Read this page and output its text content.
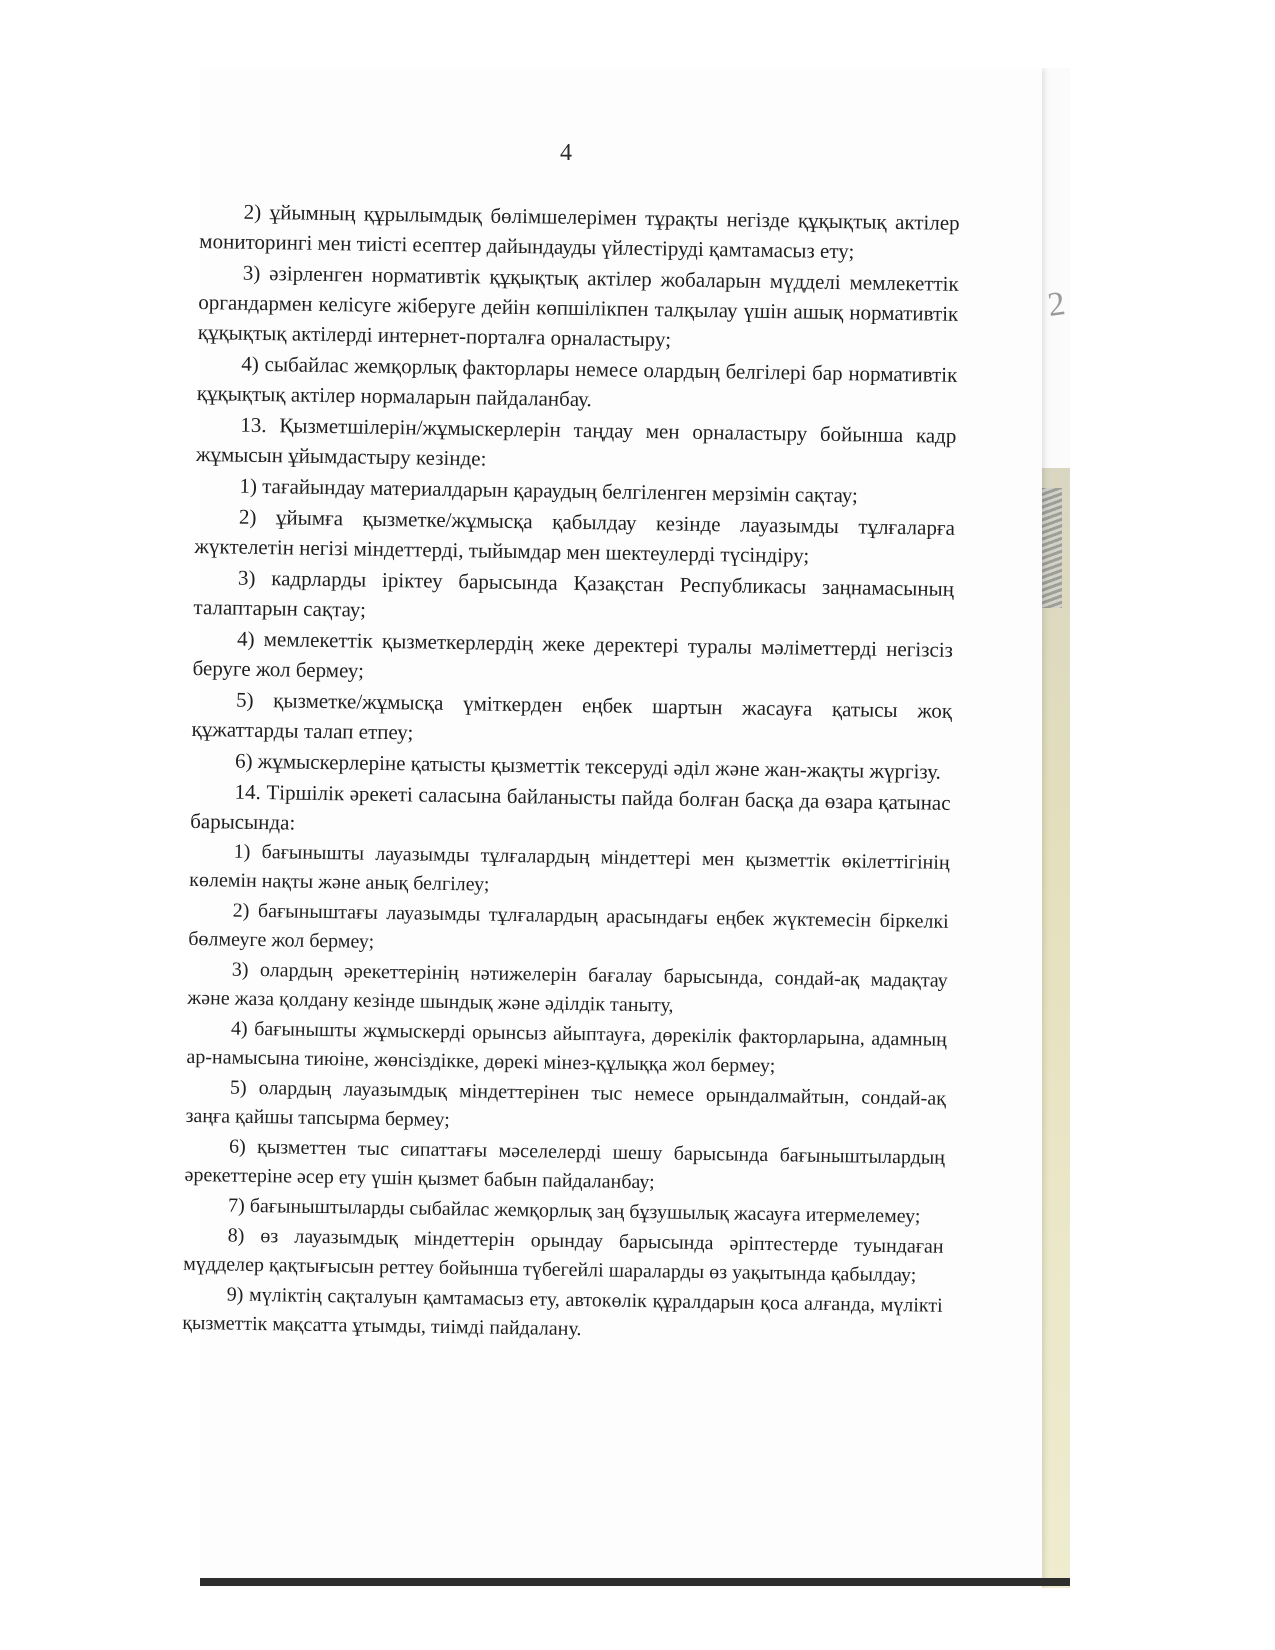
2
4

2) ұйымның құрылымдық бөлімшелерімен тұрақты негізде құқықтық актілер мониторингі мен тиісті есептер дайындауды үйлестіруді қамтамасыз ету;

3) әзірленген нормативтік құқықтық актілер жобаларын мүдделі мемлекеттік органдармен келісуге жіберуге дейін көпшілікпен талқылау үшін ашық нормативтік құқықтық актілерді интернет-порталға орналастыру;

4) сыбайлас жемқорлық факторлары немесе олардың белгілері бар нормативтік құқықтық актілер нормаларын пайдаланбау.

13. Қызметшілерін/жұмыскерлерін таңдау мен орналастыру бойынша кадр жұмысын ұйымдастыру кезінде:

1) тағайындау материалдарын қараудың белгіленген мерзімін сақтау;

2) ұйымға қызметке/жұмысқа қабылдау кезінде лауазымды тұлғаларға жүктелетін негізі міндеттерді, тыйымдар мен шектеулерді түсіндіру;

3) кадрларды іріктеу барысында Қазақстан Республикасы заңнамасының талаптарын сақтау;

4) мемлекеттік қызметкерлердің жеке деректері туралы мәліметтерді негізсіз беруге жол бермеу;

5) қызметке/жұмысқа үміткерден еңбек шартын жасауға қатысы жоқ құжаттарды талап етпеу;

6) жұмыскерлеріне қатысты қызметтік тексеруді әділ және жан-жақты жүргізу.

14. Тіршілік әрекеті саласына байланысты пайда болған басқа да өзара қатынас барысында:

1) бағынышты лауазымды тұлғалардың міндеттері мен қызметтік өкілеттігінің көлемін нақты және анық белгілеу;

2) бағыныштағы лауазымды тұлғалардың арасындағы еңбек жүктемесін біркелкі бөлмеуге жол бермеу;

3) олардың әрекеттерінің нәтижелерін бағалау барысында, сондай-ақ мадақтау және жаза қолдану кезінде шындық және әділдік таныту,

4) бағынышты жұмыскерді орынсыз айыптауға, дөрекілік факторларына, адамның ар-намысына тиюіне, жөнсіздікке, дөрекі мінез-құлыққа жол бермеу;

5) олардың лауазымдық міндеттерінен тыс немесе орындалмайтын, сондай-ақ заңға қайшы тапсырма бермеу;

6) қызметтен тыс сипаттағы мәселелерді шешу барысында бағыныштылардың әрекеттеріне әсер ету үшін қызмет бабын пайдаланбау;

7) бағыныштыларды сыбайлас жемқорлық заң бұзушылық жасауға итермелемеу;

8) өз лауазымдық міндеттерін орындау барысында әріптестерде туындаған мүдделер қақтығысын реттеу бойынша түбегейлі шараларды өз уақытында қабылдау;

9) мүліктің сақталуын қамтамасыз ету, автокөлік құралдарын қоса алғанда, мүлікті қызметтік мақсатта ұтымды, тиімді пайдалану.
